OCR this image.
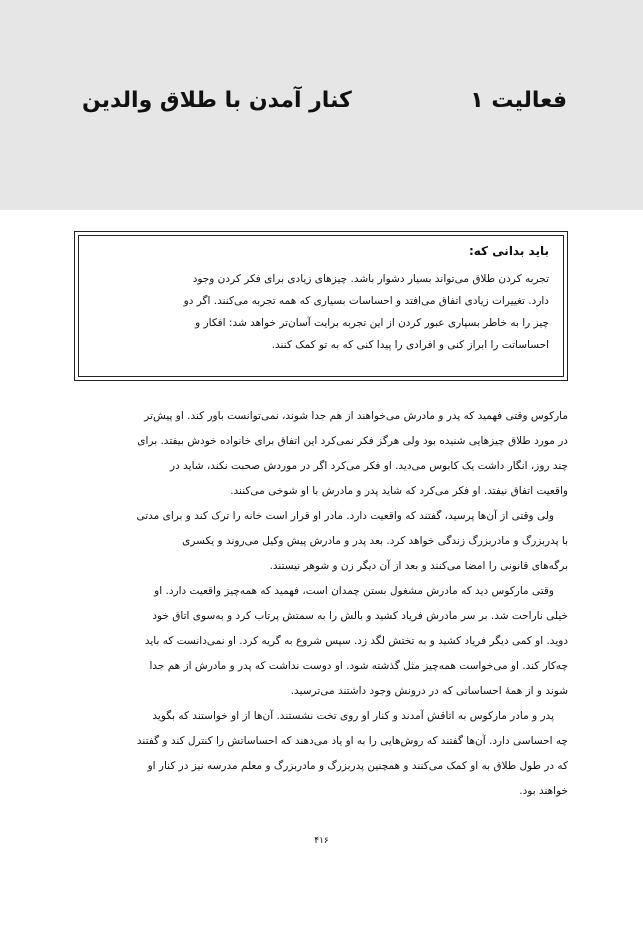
فعالیت ۱
کنار آمدن با طلاق والدین
باید بدانی که:
تجربه کردن طلاق می‌تواند بسیار دشوار باشد. چیزهای زیادی برای فکر کردن وجود
دارد. تغییرات زیادی اتفاق می‌افتد و احساسات بسیاری که همه تجربه می‌کنند. اگر دو
چیز را به خاطر بسپاری عبور کردن از این تجربه برایت آسان‌تر خواهد شد: افکار و
احساساتت را ابراز کنی و افرادی را پیدا کنی که به تو کمک کنند.
مارکوس وقتی فهمید که پدر و مادرش می‌خواهند از هم جدا شوند، نمی‌توانست باور کند. او پیش‌تر
در مورد طلاق چیزهایی شنیده بود ولی هرگز فکر نمی‌کرد این اتفاق برای خانواده خودش بیفتد. برای
چند روز، انگار داشت یک کابوس می‌دید. او فکر می‌کرد اگر در موردش صحبت نکند، شاید در
واقعیت اتفاق نیفتد. او فکر می‌کرد که شاید پدر و مادرش با او شوخی می‌کنند.
ولی وقتی از آن‌ها پرسید، گفتند که واقعیت دارد. مادر او قرار است خانه را ترک کند و برای مدتی
با پدربزرگ و مادربزرگ زندگی خواهد کرد. بعد پدر و مادرش پیش وکیل می‌روند و یکسری
برگه‌های قانونی را امضا می‌کنند و بعد از آن دیگر زن و شوهر نیستند.
وقتی مارکوس دید که مادرش مشغول بستن چمدان است، فهمید که همه‌چیز واقعیت دارد. او
خیلی ناراحت شد. بر سر مادرش فریاد کشید و بالش را به سمتش پرتاب کرد و به‌سوی اتاق خود
دوید. او کمی دیگر فریاد کشید و به تختش لگد زد. سپس شروع به گریه کرد. او نمی‌دانست که باید
چه‌کار کند. او می‌خواست همه‌چیز مثل گذشته شود. او دوست نداشت که پدر و مادرش از هم جدا
شوند و از همهٔ احساساتی که در درونش وجود داشتند می‌ترسید.
پدر و مادر مارکوس به اتاقش آمدند و کنار او روی تخت نشستند. آن‌ها از او خواستند که بگوید
چه احساسی دارد. آن‌ها گفتند که روش‌هایی را به او یاد می‌دهند که احساساتش را کنترل کند و گفتند
که در طول طلاق به او کمک می‌کنند و همچنین پدربزرگ و مادربزرگ و معلم مدرسه نیز در کنار او
خواهند بود.
۴۱۶
